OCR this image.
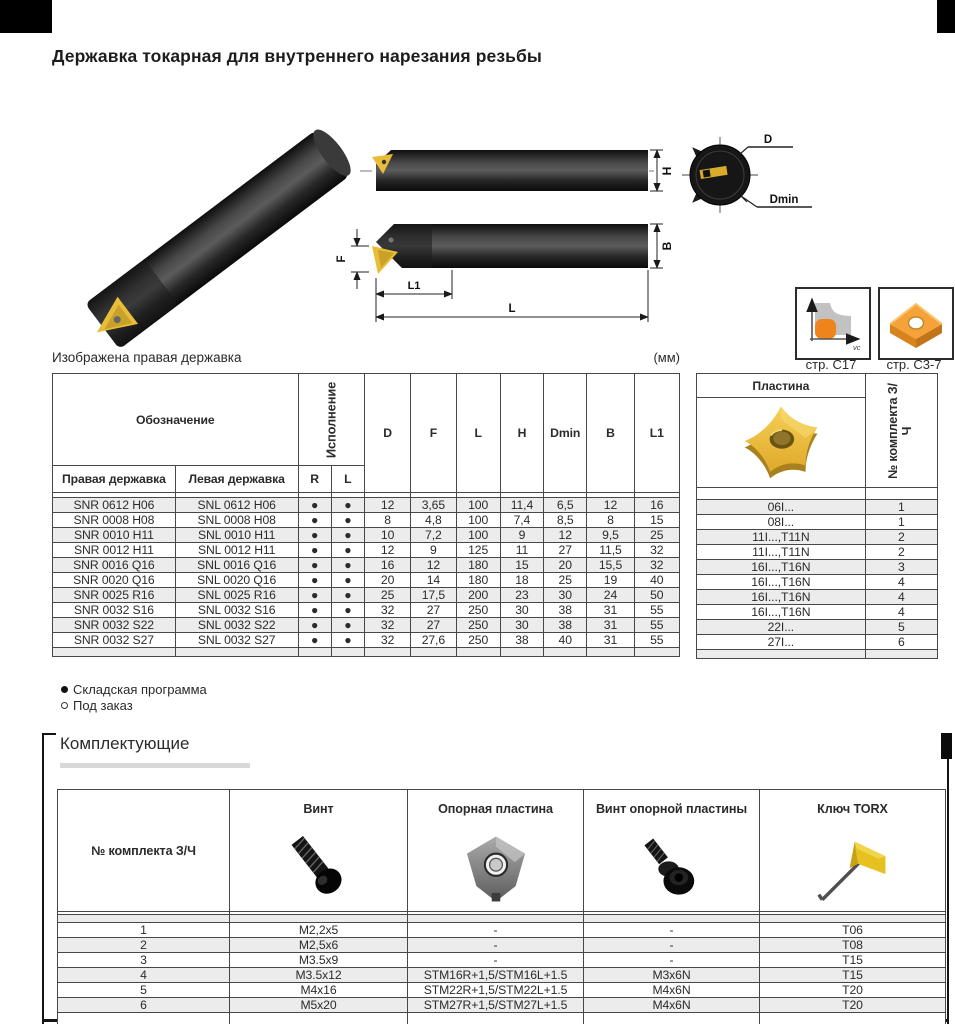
Державка токарная для внутреннего нарезания резьбы
H
F
B
L1
L
D
Dmin
vc
стр. C17	стр. C3-7
Изображена правая державка	(мм)
Обозначение		Исполнение		D	F	L	H	Dmin	B	L1
Правая державка	Левая державка	R	L							

SNR 0612 H06	SNL 0612 H06	●	●	12	3,65	100	11,4	6,5	12	16
SNR 0008 H08	SNL 0008 H08	●	●	8	4,8	100	7,4	8,5	8	15
SNR 0010 H11	SNL 0010 H11	●	●	10	7,2	100	9	12	9,5	25
SNR 0012 H11	SNL 0012 H11	●	●	12	9	125	11	27	11,5	32
SNR 0016 Q16	SNL 0016 Q16	●	●	16	12	180	15	20	15,5	32
SNR 0020 Q16	SNL 0020 Q16	●	●	20	14	180	18	25	19	40
SNR 0025 R16	SNL 0025 R16	●	●	25	17,5	200	23	30	24	50
SNR 0032 S16	SNL 0032 S16	●	●	32	27	250	30	38	31	55
SNR 0032 S22	SNL 0032 S22	●	●	32	27	250	30	38	31	55
SNR 0032 S27	SNL 0032 S27	●	●	32	27,6	250	38	40	31	55

Пластина	№ комплекта З/Ч

06I...	1
08I...	1
11I...,T11N	2
11I...,T11N	2
16I...,T16N	3
16I...,T16N	4
16I...,T16N	4
16I...,T16N	4
22I...	5
27I...	6

Складская программа
Под заказ
Комплектующие
№ комплекта З/Ч	Винт	Опорная пластина	Винт опорной пластины	Ключ TORX

1	M2,2x5	-	-	T06
2	M2,5x6	-	-	T08
3	M3.5x9	-	-	T15
4	M3.5x12	STM16R+1,5/STM16L+1.5	M3x6N	T15
5	M4x16	STM22R+1,5/STM22L+1.5	M4x6N	T20
6	M5x20	STM27R+1,5/STM27L+1.5	M4x6N	T20
